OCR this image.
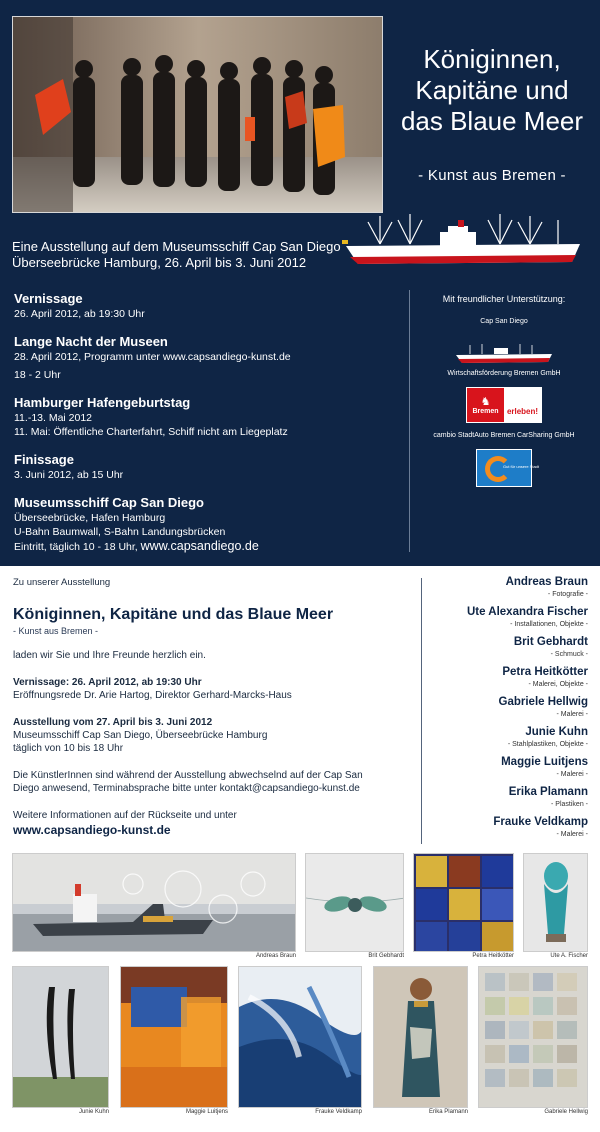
Königinnen,
Kapitäne und
das Blaue Meer
- Kunst aus Bremen -
Eine Ausstellung auf dem Museumsschiff Cap San Diego
Überseebrücke Hamburg, 26. April bis 3. Juni 2012
Vernissage

26. April 2012, ab 19:30 Uhr

Lange Nacht der Museen

28. April 2012, Programm unter www.capsandiego-kunst.de

18 - 2 Uhr

Hamburger Hafengeburtstag

11.-13. Mai 2012

11. Mai: Öffentliche Charterfahrt, Schiff nicht am Liegeplatz

Finissage

3. Juni 2012, ab 15 Uhr

Museumsschiff Cap San Diego

Überseebrücke, Hafen Hamburg

U-Bahn Baumwall, S-Bahn Landungsbrücken

Eintritt, täglich 10 - 18 Uhr, www.capsandiego.de

Mit freundlicher Unterstützung:
Cap San Diego
Wirtschaftsförderung Bremen GmbH
♞
Bremen	erleben!
cambio StadtAuto Bremen CarSharing GmbH
Gut für unsere Stadt
Zu unserer Ausstellung
Königinnen, Kapitäne und das Blaue Meer
- Kunst aus Bremen -

laden wir Sie und Ihre Freunde herzlich ein.

Vernissage: 26. April 2012, ab 19:30 Uhr

Eröffnungsrede Dr. Arie Hartog, Direktor Gerhard-Marcks-Haus

Ausstellung vom 27. April bis 3. Juni 2012

Museumsschiff Cap San Diego, Überseebrücke Hamburg

täglich von 10 bis 18 Uhr

Die KünstlerInnen sind während der Ausstellung abwechselnd auf der Cap San

Diego anwesend, Terminabsprache bitte unter kontakt@capsandiego-kunst.de

Weitere Informationen auf der Rückseite und unter

www.capsandiego-kunst.de
Andreas Braun
- Fotografie -
Ute Alexandra Fischer
- Installationen, Objekte -
Brit Gebhardt
- Schmuck -
Petra Heitkötter
- Malerei, Objekte -
Gabriele Hellwig
- Malerei -
Junie Kuhn
- Stahlplastiken, Objekte -
Maggie Luitjens
- Malerei -
Erika Plamann
- Plastiken -
Frauke Veldkamp
- Malerei -
Andreas Braun	Brit Gebhardt	Petra Heitkötter	Ute A. Fischer
Junie Kuhn	Maggie Luitjens	Frauke Veldkamp	Erika Plamann	Gabriele Hellwig
